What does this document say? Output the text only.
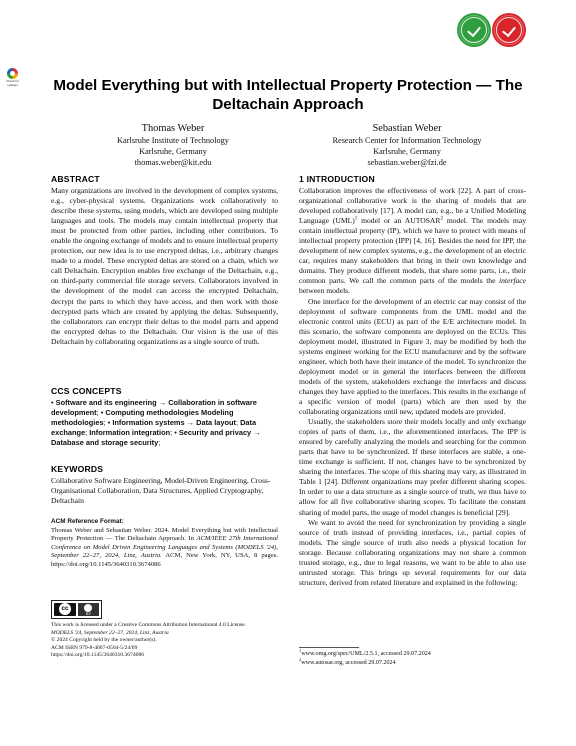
Check for updates	Model Everything but with Intellectual Property Protection — The Deltachain Approach
Thomas Weber
Karlsruhe Institute of Technology
Karlsruhe, Germany
thomas.weber@kit.edu
Sebastian Weber
Research Center for Information Technology
Karlsruhe, Germany
sebastian.weber@fzi.de
ABSTRACT

Many organizations are involved in the development of complex systems, e.g., cyber-physical systems. Organizations work collaboratively to describe these systems, using models, which are developed using multiple languages and tools. The models may contain intellectual property that must be protected from other parties, including other contributors. To enable the ongoing exchange of models and to ensure intellectual property protection, our new idea is to use encrypted deltas, i.e., arbitrary changes made to a model. These encrypted deltas are stored on a chain, which we call Deltachain. Encryption enables free exchange of the Deltachain, e.g., on third-party commercial file storage servers. Collaborators involved in the development of the model can access the encrypted Deltachain, decrypt the parts to which they have access, and then work with those decrypted parts which are created by applying the deltas. Subsequently, the collaborators can encrypt their deltas to the model parts and append the encrypted deltas to the Deltachain. Our vision is the use of this Deltachain by collaborating organizations as a single source of truth.

CCS CONCEPTS
• Software and its engineering → Collaboration in software development; • Computing methodologies Modeling methodologies; • Information systems → Data layout; Data exchange; Information integration; • Security and privacy → Database and storage security;
KEYWORDS
Collaborative Software Engineering, Model-Driven Engineering, Cross-Organisational Collaboration, Data Structures, Applied Cryptography, Deltachain
ACM Reference Format:
Thomas Weber and Sebastian Weber. 2024. Model Everything but with Intellectual Property Protection — The Deltachain Approach. In ACM/IEEE 27th International Conference on Model Driven Engineering Languages and Systems (MODELS '24), September 22–27, 2024, Linz, Austria. ACM, New York, NY, USA, 8 pages. https://doi.org/10.1145/3640310.3674086
cc
BY
This work is licensed under a Creative Commons Attribution International 4.0 License.
MODELS '24, September 22–27, 2024, Linz, Austria
© 2024 Copyright held by the owner/author(s).
ACM ISBN 979-8-4007-0504-5/24/09
https://doi.org/10.1145/3640310.3674086
1 INTRODUCTION

Collaboration improves the effectiveness of work [22]. A part of cross-organizational collaborative work is the sharing of models that are developed collaboratively [17]. A model can, e.g., be a Unified Modeling Language (UML)$^1$ model or an AUTOSAR$^2$ model. The models may contain intellectual property (IP), which we have to protect with means of intellectual property protection (IPP) [4, 16]. Besides the need for IPP, the development of new complex systems, e.g., the development of an electric car, requires many stakeholders that bring in their own knowledge and domains. They produce different models, that share some parts, i.e., their common parts. We call the common parts of the models the interface between models.

One interface for the development of an electric car may consist of the deployment of software components from the UML model and the electronic control units (ECU) as part of the E/E architecture model. In this scenario, the software components are deployed on the ECUs. This deployment model, illustrated in Figure 3, may be modified by both the systems engineer working for the ECU manufacturer and by the software engineer, which both have their instance of the model. To synchronize the deployment model or in general the interfaces between the different models of the system, stakeholders exchange the interfaces and discuss changes they have applied to the interfaces. This results in the exchange of a specific version of model (parts) which are then used by the collaborating organizations until new, updated models are provided.

Usually, the stakeholders store their models locally and only exchange copies of parts of them, i.e., the aforementioned interfaces. The IPP is ensured by carefully analyzing the models and searching for the common parts that have to be synchronized. If these interfaces are stable, a one-time exchange is sufficient. If not, changes have to be synchronized by sharing the interfaces. The scope of this sharing may vary, as illustrated in Table 1 [24]. Different organizations may prefer different sharing scopes. In order to use a data structure as a single source of truth, we thus have to allow for all five collaborative sharing scopes. To facilitate the constant sharing of model parts, the usage of model changes is beneficial [29].

We want to avoid the need for synchronization by providing a single source of truth instead of providing interfaces, i.e., partial copies of models. The single source of truth also needs a physical location for storage. Because collaborating organizations may not share a common trusted storage, e.g., due to legal reasons, we want to be able to also use untrusted storage. This brings up several requirements for our data structure, derived from related literature and explained in the following:

$^1$www.omg.org/spec/UML/2.5.1, accessed 29.07.2024
$^2$www.autosar.org, accessed 29.07.2024
